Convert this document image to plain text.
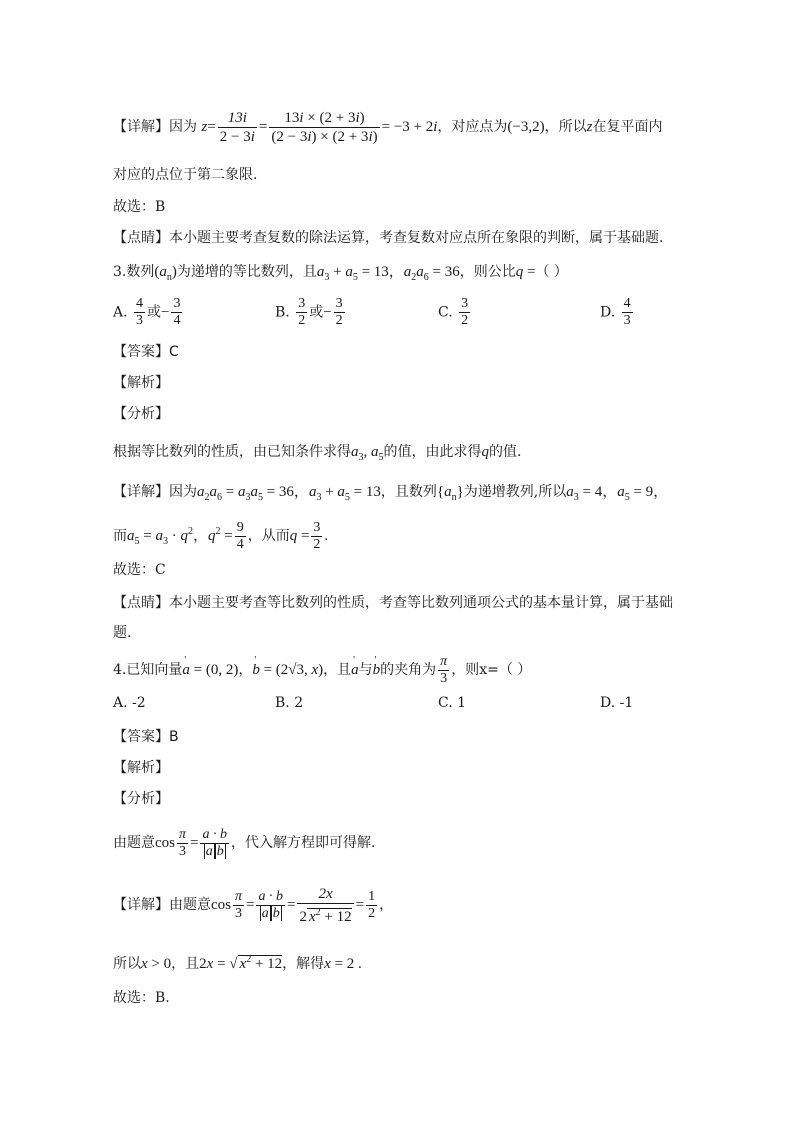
【详解】因为 $z= \frac{13i}{2 - 3i} = \frac{13i \times (2 + 3i)}{(2 - 3i) \times (2 + 3i)} = -3 + 2i$，对应点为(−3,2)，所以z在复平面内
对应的点位于第二象限.
故选：B
【点睛】本小题主要考查复数的除法运算，考查复数对应点所在象限的判断，属于基础题.
3.数列$(a_n)$为递增的等比数列，且$a_3 + a_5 = 13$，$a_2a_6 = 36$，则公比q =（ ）
A. $\frac{4}{3}$ 或− $\frac{3}{4}$	B. $\frac{3}{2}$ 或− $\frac{3}{2}$	C. $\frac{3}{2}$	D. $\frac{4}{3}$
【答案】C
【解析】
【分析】
根据等比数列的性质，由已知条件求得$a_3$, $a_5$的值，由此求得q的值.
【详解】因为$a_2a_6 = a_3a_5 = 36$，$a_3 + a_5 = 13$，且数列$\{a_n\}$为递增教列,所以$a_3 = 4$，$a_5 = 9$，
而$a_5 = a_3 \cdot q^2$，$q^2 = \frac{9}{4}$ ，从而$q = \frac{3}{2}$ .
故选：C
【点睛】本小题主要考查等比数列的性质，考查等比数列通项公式的基本量计算，属于基础
题.
4.已知向量' a = (0, 2)，' b = (2√3, x)，且' a与' b的夹角为 $\frac{\pi}{3}$ ，则x=（ ）
A. -2	B. 2	C. 1	D. -1
【答案】B
【解析】
【分析】
由题意$\cos \frac{\pi}{3} = \frac{a \cdot b}{\text{a b}}$ ，代入解方程即可得解.
【详解】由题意$\cos \frac{\pi}{3} = \frac{a \cdot b}{\text{a b}} = \frac{2x}{2 x^2 + 12} = \frac{1}{2}$ ，
所以x > 0，且2x = √ $x^2 + 12$，解得x = 2 .
故选：B.
